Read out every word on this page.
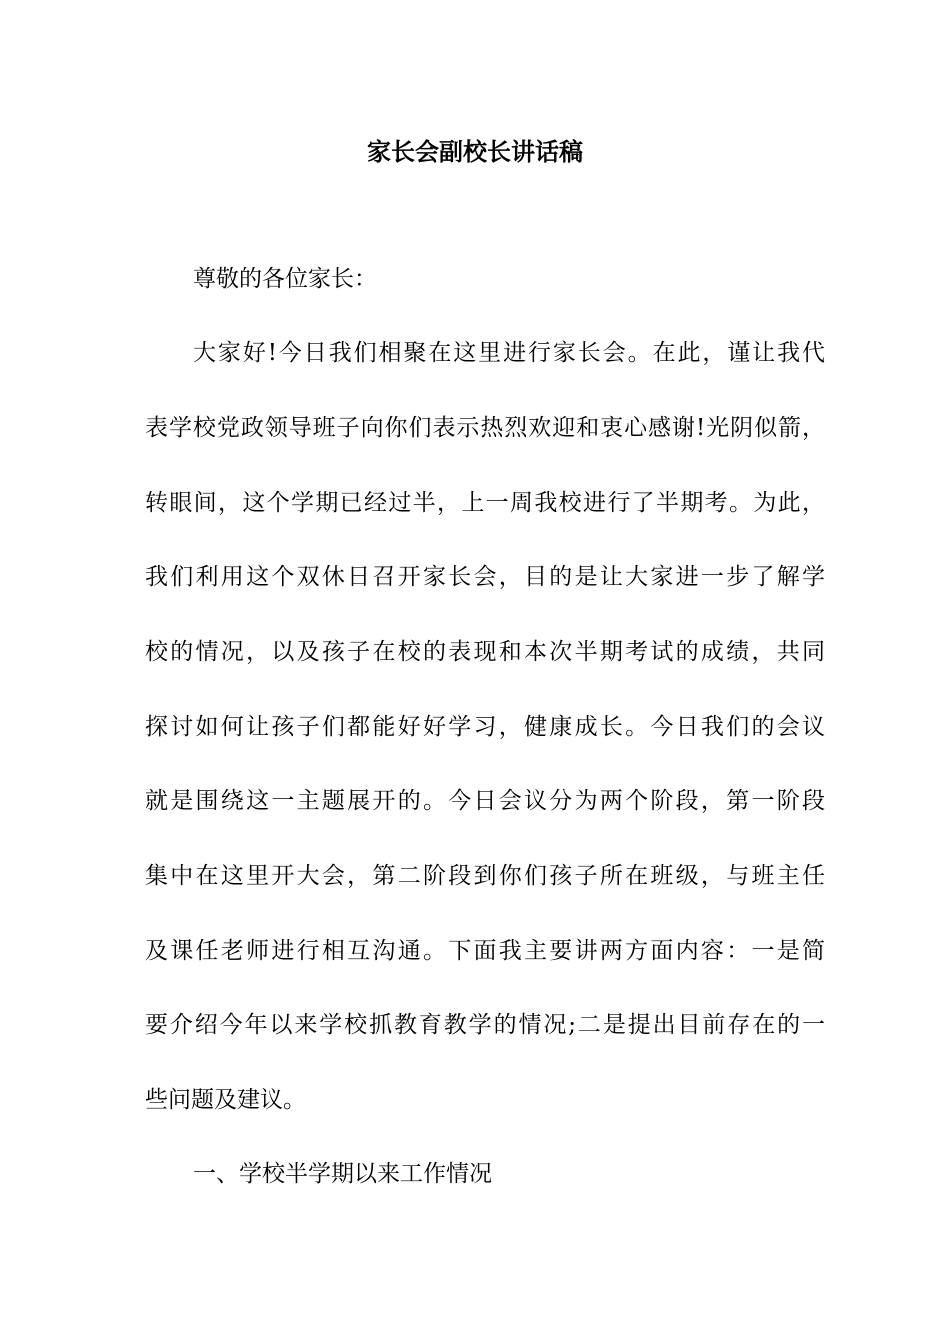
家长会副校长讲话稿
尊敬的各位家长：
大家好!今日我们相聚在这里进行家长会。在此，谨让我代
表学校党政领导班子向你们表示热烈欢迎和衷心感谢!光阴似箭，
转眼间，这个学期已经过半，上一周我校进行了半期考。为此，
我们利用这个双休日召开家长会，目的是让大家进一步了解学
校的情况，以及孩子在校的表现和本次半期考试的成绩，共同
探讨如何让孩子们都能好好学习，健康成长。今日我们的会议
就是围绕这一主题展开的。今日会议分为两个阶段，第一阶段
集中在这里开大会，第二阶段到你们孩子所在班级，与班主任
及课任老师进行相互沟通。下面我主要讲两方面内容：一是简
要介绍今年以来学校抓教育教学的情况;二是提出目前存在的一
些问题及建议。
一、学校半学期以来工作情况
